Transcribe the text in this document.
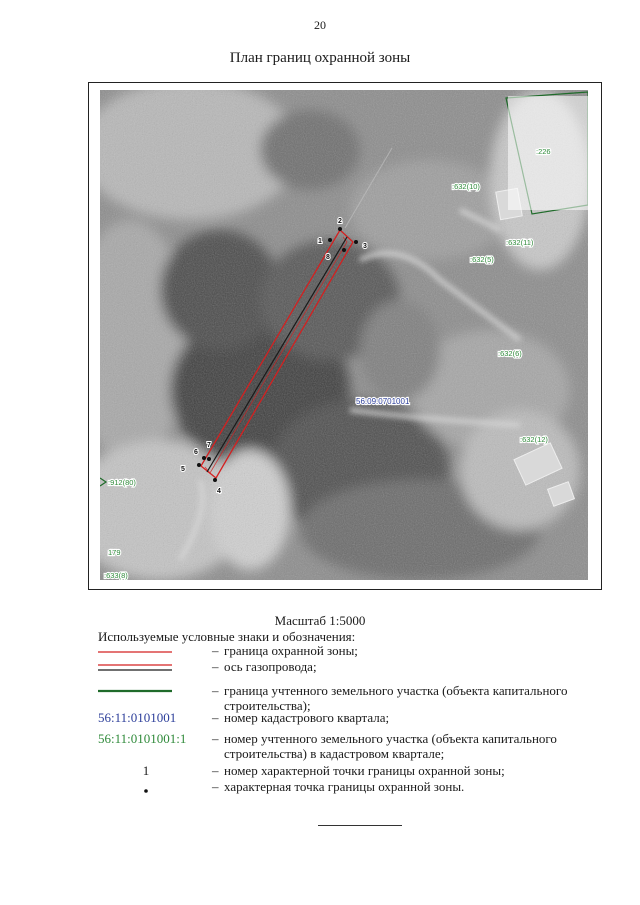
20
План границ охранной зоны
1
2
3
4
5
6
7
8
:226
:632(10)
:632(11)
:632(5)
:632(6)
:632(12)
:912(80)
179
:633(8)
56:09:0701001
Масштаб 1:5000
Используемые условные знаки и обозначения:
– граница охранной зоны;
– ось газопровода;
– граница учтенного земельного участка (объекта капитального строительства);
56:11:0101001	– номер кадастрового квартала;
56:11:0101001:1	– номер учтенного земельного участка (объекта капитального строительства) в кадастровом квартале;
1	– номер характерной точки границы охранной зоны;
– характерная точка границы охранной зоны.
